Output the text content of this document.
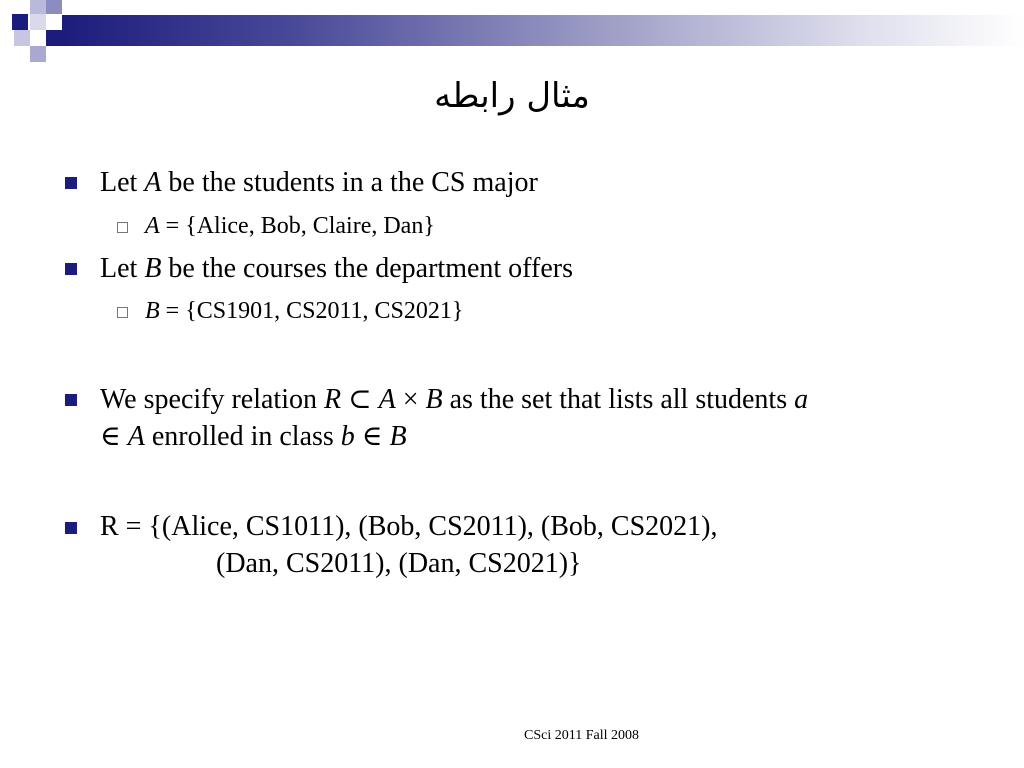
مثال رابطه
Let A be the students in a the CS major
A = {Alice, Bob, Claire, Dan}
Let B be the courses the department offers
B = {CS1901, CS2011, CS2021}
We specify relation R ⊂ A × B as the set that lists all students a
∈ A enrolled in class b ∈ B
R = {(Alice, CS1011), (Bob, CS2011), (Bob, CS2021),
(Dan, CS2011), (Dan, CS2021)}
CSci 2011 Fall 2008
